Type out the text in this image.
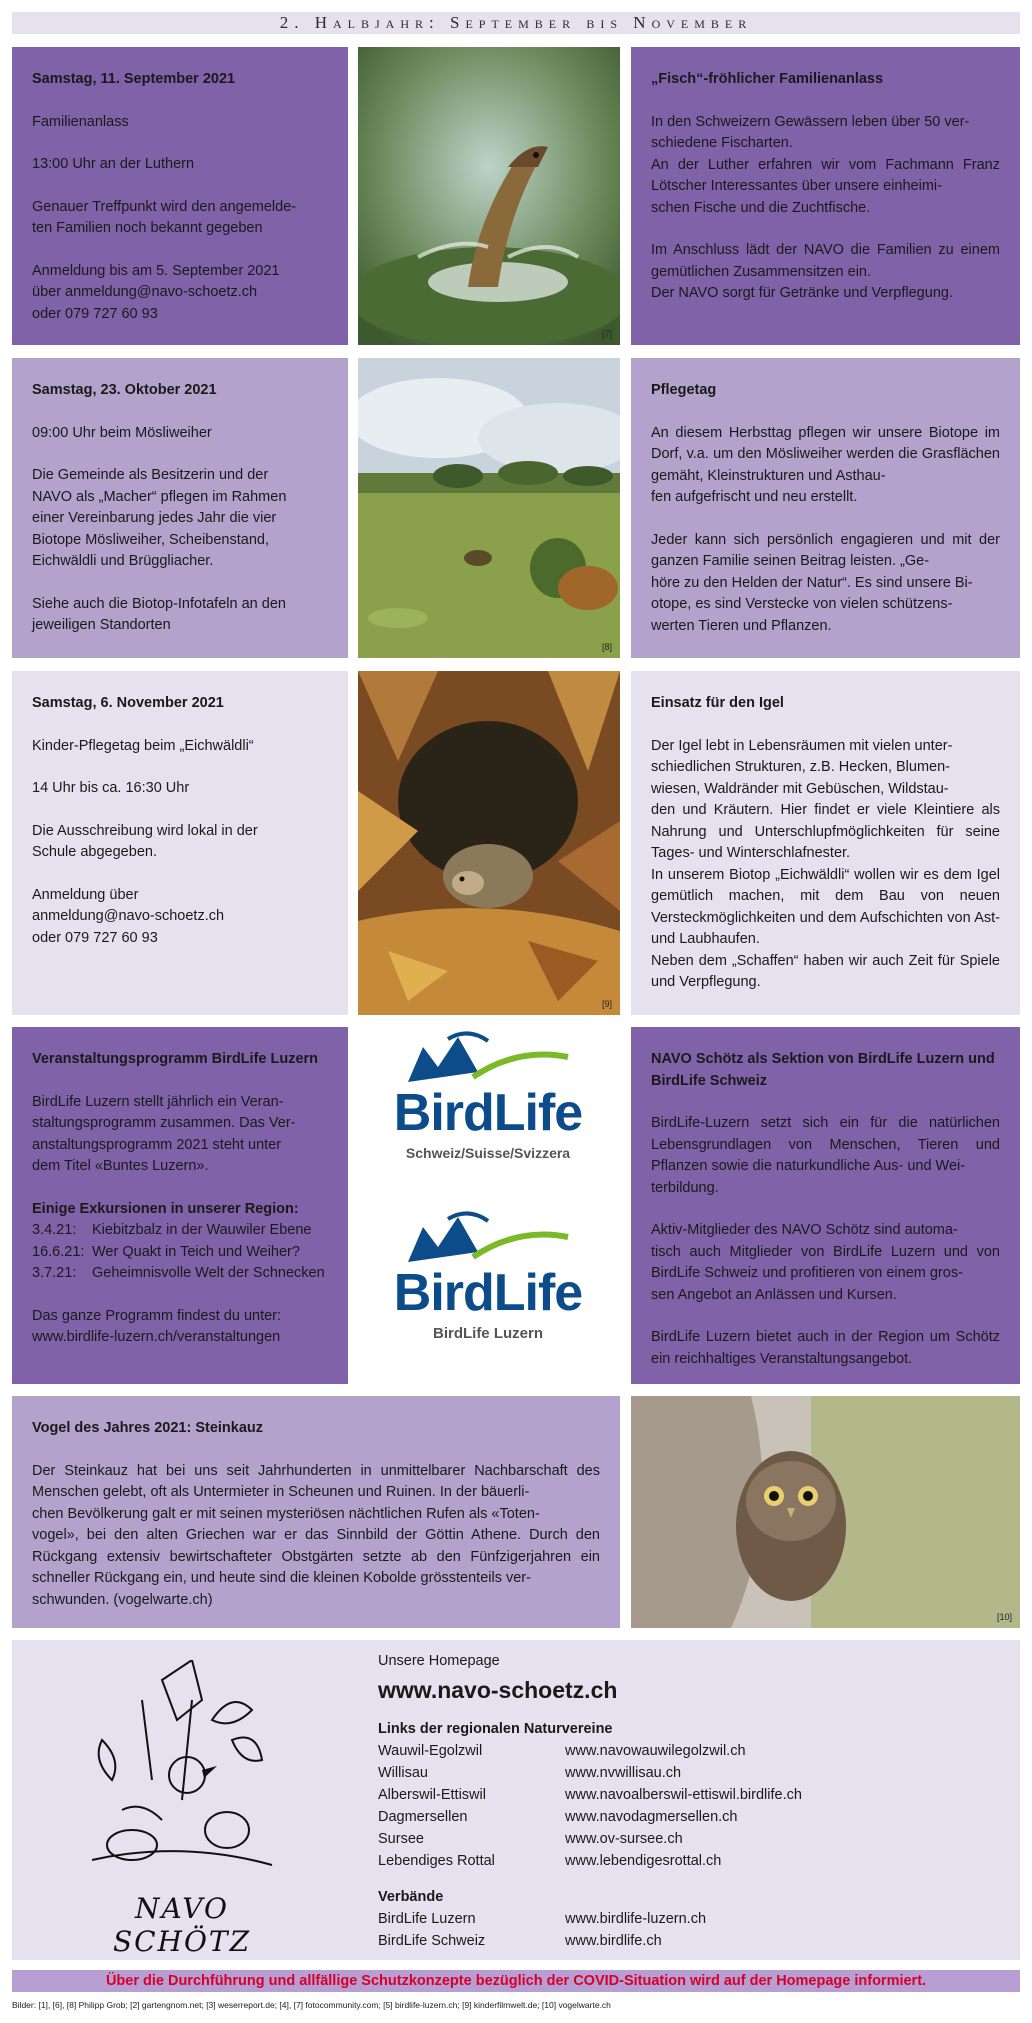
2. Halbjahr: September bis November

Samstag, 11. September 2021

Familienanlass

13:00 Uhr an der Luthern

Genauer Treffpunkt wird den angemelde-
ten Familien noch bekannt gegeben

Anmeldung bis am 5. September 2021
über anmeldung@navo-schoetz.ch
oder 079 727 60 93

[7]

„Fisch“-fröhlicher Familienanlass

In den Schweizern Gewässern leben über 50 ver-
schiedene Fischarten.
An der Luther erfahren wir vom Fachmann Franz Lötscher Interessantes über unsere einheimi-
schen Fische und die Zuchtfische.

Im Anschluss lädt der NAVO die Familien zu einem gemütlichen Zusammensitzen ein.
Der NAVO sorgt für Getränke und Verpflegung.

Samstag, 23. Oktober 2021

09:00 Uhr beim Mösliweiher

Die Gemeinde als Besitzerin und der
NAVO als „Macher“ pflegen im Rahmen
einer Vereinbarung jedes Jahr die vier
Biotope Mösliweiher, Scheibenstand,
Eichwäldli und Brüggliacher.

Siehe auch die Biotop-Infotafeln an den
jeweiligen Standorten

[8]

Pflegetag

An diesem Herbsttag pflegen wir unsere Biotope im Dorf, v.a. um den Mösliweiher werden die Grasflächen gemäht, Kleinstrukturen und Asthau-
fen aufgefrischt und neu erstellt.

Jeder kann sich persönlich engagieren und mit der ganzen Familie seinen Beitrag leisten. „Ge-
höre zu den Helden der Natur“. Es sind unsere Bi-
otope, es sind Verstecke von vielen schützens-
werten Tieren und Pflanzen.

Samstag, 6. November 2021

Kinder-Pflegetag beim „Eichwäldli“

14 Uhr bis ca. 16:30 Uhr

Die Ausschreibung wird lokal in der
Schule abgegeben.

Anmeldung über
anmeldung@navo-schoetz.ch
oder 079 727 60 93

[9]

Einsatz für den Igel

Der Igel lebt in Lebensräumen mit vielen unter-
schiedlichen Strukturen, z.B. Hecken, Blumen-
wiesen, Waldränder mit Gebüschen, Wildstau-
den und Kräutern. Hier findet er viele Kleintiere als Nahrung und Unterschlupfmöglichkeiten für seine Tages- und Winterschlafnester.
In unserem Biotop „Eichwäldli“ wollen wir es dem Igel gemütlich machen, mit dem Bau von neuen Versteckmöglichkeiten und dem Aufschichten von Ast- und Laubhaufen.
Neben dem „Schaffen“ haben wir auch Zeit für Spiele und Verpflegung.

Veranstaltungsprogramm BirdLife Luzern

BirdLife Luzern stellt jährlich ein Veran-
staltungsprogramm zusammen. Das Ver-
anstaltungsprogramm 2021 steht unter
dem Titel «Buntes Luzern».

Einige Exkursionen in unserer Region:
3.4.21:	Kiebitzbalz in der Wauwiler Ebene
16.6.21: Wer Quakt in Teich und Weiher?
3.7.21:	Geheimnisvolle Welt der Schnecken

Das ganze Programm findest du unter:
www.birdlife-luzern.ch/veranstaltungen

BirdLife
Schweiz/Suisse/Svizzera
BirdLife
BirdLife Luzern

NAVO Schötz als Sektion von BirdLife Luzern und BirdLife Schweiz

BirdLife-Luzern setzt sich ein für die natürlichen Lebensgrundlagen von Menschen, Tieren und Pflanzen sowie die naturkundliche Aus- und Wei-
terbildung.

Aktiv-Mitglieder des NAVO Schötz sind automa-
tisch auch Mitglieder von BirdLife Luzern und von BirdLife Schweiz und profitieren von einem gros-
sen Angebot an Anlässen und Kursen.

BirdLife Luzern bietet auch in der Region um Schötz ein reichhaltiges Veranstaltungsangebot.

Vogel des Jahres 2021: Steinkauz

Der Steinkauz hat bei uns seit Jahrhunderten in unmittelbarer Nachbarschaft des Menschen gelebt, oft als Untermieter in Scheunen und Ruinen. In der bäuerli-
chen Bevölkerung galt er mit seinen mysteriösen nächtlichen Rufen als «Toten-
vogel», bei den alten Griechen war er das Sinnbild der Göttin Athene. Durch den Rückgang extensiv bewirtschafteter Obstgärten setzte ab den Fünfzigerjahren ein schneller Rückgang ein, und heute sind die kleinen Kobolde grösstenteils ver-
schwunden. (vogelwarte.ch)

[10]
NAVO SCHÖTZ
Unsere Homepage
www.navo-schoetz.ch
Links der regionalen Naturvereine
Wauwil-Egolzwil	www.navowauwilegolzwil.ch
Willisau	www.nvwillisau.ch
Alberswil-Ettiswil	www.navoalberswil-ettiswil.birdlife.ch
Dagmersellen	www.navodagmersellen.ch
Sursee	www.ov-sursee.ch
Lebendiges Rottal	www.lebendigesrottal.ch
Verbände
BirdLife Luzern	www.birdlife-luzern.ch
BirdLife Schweiz	www.birdlife.ch
Über die Durchführung und allfällige Schutzkonzepte bezüglich der COVID-Situation wird auf der Homepage informiert.
Bilder: [1], [6], [8] Philipp Grob; [2] gartengnom.net; [3] weserreport.de; [4], [7] fotocommunity.com; [5] birdlife-luzern.ch; [9] kinderfilmwelt.de; [10] vogelwarte.ch
